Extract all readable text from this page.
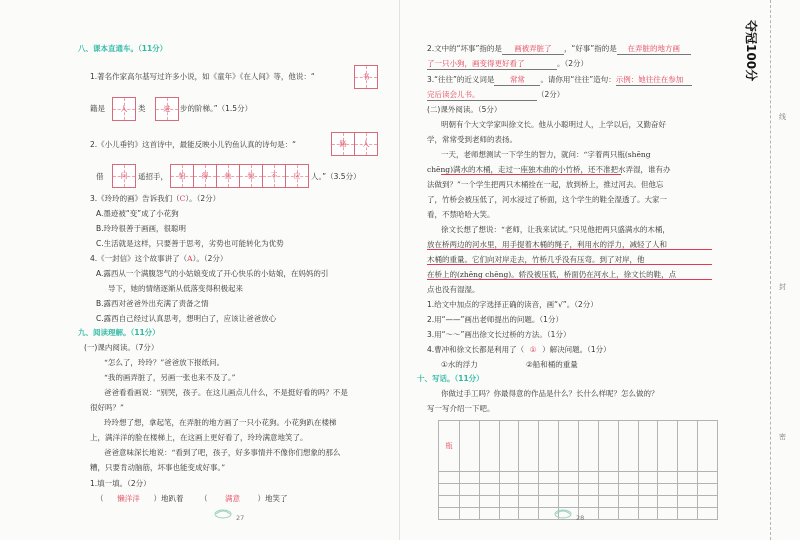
八、课本直通车。（11分）
1.著名作家高尔基写过许多小说，如《童年》《在人间》等，他说：“	书
籍是	人	类	进	步的阶梯。”（1.5分）
2.《小儿垂钓》这首诗中，最能反映小儿钓鱼认真的诗句是：“	路	人
借	问	遥招手，	怕	得	鱼	惊	不	应	人。”（3.5分）
3.《玲玲的画》告诉我们（C）。（2分）
A.墨迹被“变”成了小花狗
B.玲玲很善于画画，很聪明
C.生活就是这样，只要善于思考，劣势也可能转化为优势
4.《一封信》这个故事讲了（A）。（2分）
A.露西从一个满腹怨气的小姑娘变成了开心快乐的小姑娘，在妈妈的引
导下，她的情绪逐渐从低落变得积极起来
B.露西对爸爸外出充满了责备之情
C.露西自己经过认真思考，想明白了，应该让爸爸放心
九、阅读理解。（11分）
(一)课内阅读。（7分）
“怎么了，玲玲？”爸爸放下报纸问。
“我的画弄脏了，另画一张也来不及了。”
爸爸看看画说：“别哭，孩子。在这儿画点儿什么，不是挺好看的吗？不是
很好吗？”
玲玲想了想，拿起笔，在弄脏的地方画了一只小花狗。小花狗趴在楼梯
上，满洋洋的脸在楼梯上，在这画上更好看了，玲玲满意地笑了。
爸爸意味深长地说：“看到了吧，孩子，好多事情并不像你们想象的那么
糟，只要肯动脑筋，坏事也能变成好事。”
1.填一填。（2分）
（ 懒洋洋 ）地趴着 （ 满意 ）地笑了
27
2.文中的“坏事”指的是 画被弄脏了 ，“好事”指的是 在弄脏的地方画
了一只小狗，画变得更好看了	。（2分）
3.“往往”的近义词是 常常 。请你用“往往”造句：示例：她往往在参加
完后读会儿书。	（2分）
(二)课外阅读。（5分）
明朝有个大文学家叫徐文长。他从小聪明过人，上学以后，又勤奋好
学，常常受到老师的表扬。
一天，老师想测试一下学生的智力，就问：“字着两只瓶(shēng
chēng)满水的木桶，走过一座独木曲的小竹桥，还不准把水弄湿，谁有办
法做到？”一个学生把两只木桶拴在一起，放到桥上，推过河去。但他忘
了，竹桥会被压低了，河水浸过了桥面，这个学生的鞋全湿透了。大家一
看，不禁哈哈大笑。
徐文长想了想说：“老师，让我来试试。”只见他把两只盛满水的木桶，
放在桥两边的河水里，用手提着木桶的绳子，利用水的浮力，减轻了人和
木桶的重量。它们向对岸走去，竹桥几乎没有压弯。到了对岸，他
在桥上的(zhēng chēng)。轿没被压低，桥面仍在河水上，徐文长的鞋，点
点也没有湿湿。
1.给文中加点的字选择正确的读音，画“√”。（2分）
2.用“——”画出老师提出的问题。（1分）
3.用“～～”画出徐文长过桥的方法。（1分）
4.曹冲和徐文长都是利用了（ ① ）解决问题。（1分）
①水的浮力	②船和桶的重量
十、写话。（11分）
你做过手工吗？你最得意的作品是什么？长什么样呢？怎么做的？
写一写介绍一下吧。
瓶													

28
夺冠100分
线
封
密
